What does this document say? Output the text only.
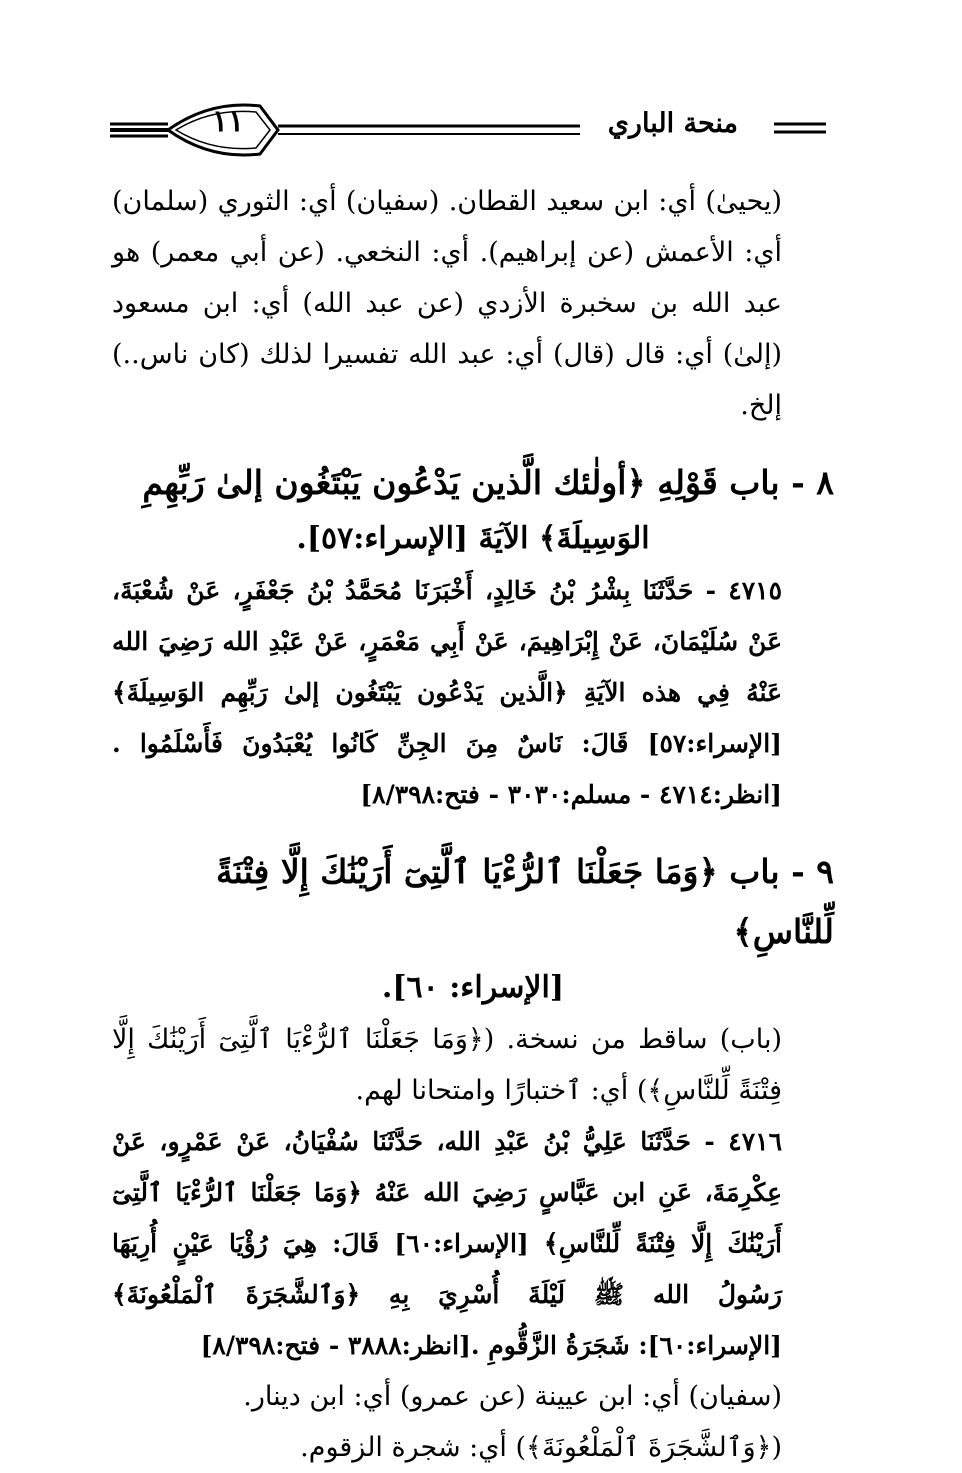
١١	منحة الباري

(يحيىٰ) أي: ابن سعيد القطان. (سفيان) أي: الثوري (سلمان) أي: الأعمش (عن إبراهيم). أي: النخعي. (عن أبي معمر) هو عبد الله بن سخبرة الأزدي (عن عبد الله) أي: ابن مسعود (إلىٰ) أي: قال (قال) أي: عبد الله تفسيرا لذلك (كان ناس..) إلخ.

٨ - باب قَوْلِهِ ﴿أولٰئك الَّذين يَدْعُون يَبْتَغُون إلىٰ رَبِّهِمِ

الوَسِيلَةَ﴾ الآيَةَ [الإسراء:٥٧].

٤٧١٥ - حَدَّثَنَا بِشْرُ بْنُ خَالِدٍ، أَخْبَرَنَا مُحَمَّدُ بْنُ جَعْفَرٍ، عَنْ شُعْبَةَ، عَنْ سُلَيْمَانَ، عَنْ إِبْرَاهِيمَ، عَنْ أَبِي مَعْمَرٍ، عَنْ عَبْدِ الله رَضِيَ الله عَنْهُ فِي هذه الآيَةِ ﴿الَّذين يَدْعُون يَبْتَغُون إلىٰ رَبِّهِم الوَسِيلَةَ﴾ [الإسراء:٥٧] قَالَ: نَاسٌ مِنَ الجِنِّ كَانُوا يُعْبَدُونَ فَأَسْلَمُوا .[انظر:٤٧١٤ - مسلم:٣٠٣٠ - فتح:٨/٣٩٨]

٩ - باب ﴿وَمَا جَعَلْنَا ٱلرُّءْيَا ٱلَّتِىٓ أَرَيْنَٰكَ إِلَّا فِتْنَةً لِّلنَّاسِ﴾

[الإسراء: ٦٠].

(باب) ساقط من نسخة. (﴿وَمَا جَعَلْنَا ٱلرُّءْيَا ٱلَّتِىٓ أَرَيْنَٰكَ إِلَّا فِتْنَةً لِّلنَّاسِ﴾) أي: ٱختبارًا وامتحانا لهم.

٤٧١٦ - حَدَّثَنَا عَلِيُّ بْنُ عَبْدِ الله، حَدَّثَنَا سُفْيَانُ، عَنْ عَمْرٍو، عَنْ عِكْرِمَةَ، عَنِ ابن عَبَّاسٍ رَضِيَ الله عَنْهُ ﴿وَمَا جَعَلْنَا ٱلرُّءْيَا ٱلَّتِىٓ أَرَيْنَٰكَ إِلَّا فِتْنَةً لِّلنَّاسِ﴾ [الإسراء:٦٠] قَالَ: هِيَ رُؤْيَا عَيْنٍ أُرِيَهَا رَسُولُ الله ﷺ لَيْلَةَ أُسْرِيَ بِهِ ﴿وَٱلشَّجَرَةَ ٱلْمَلْعُونَةَ﴾ [الإسراء:٦٠]: شَجَرَةُ الزَّقُّومِ .[انظر:٣٨٨٨ - فتح:٨/٣٩٨]

(سفيان) أي: ابن عيينة (عن عمرو) أي: ابن دينار.

(﴿وَٱلشَّجَرَةَ ٱلْمَلْعُونَةَ﴾) أي: شجرة الزقوم.
